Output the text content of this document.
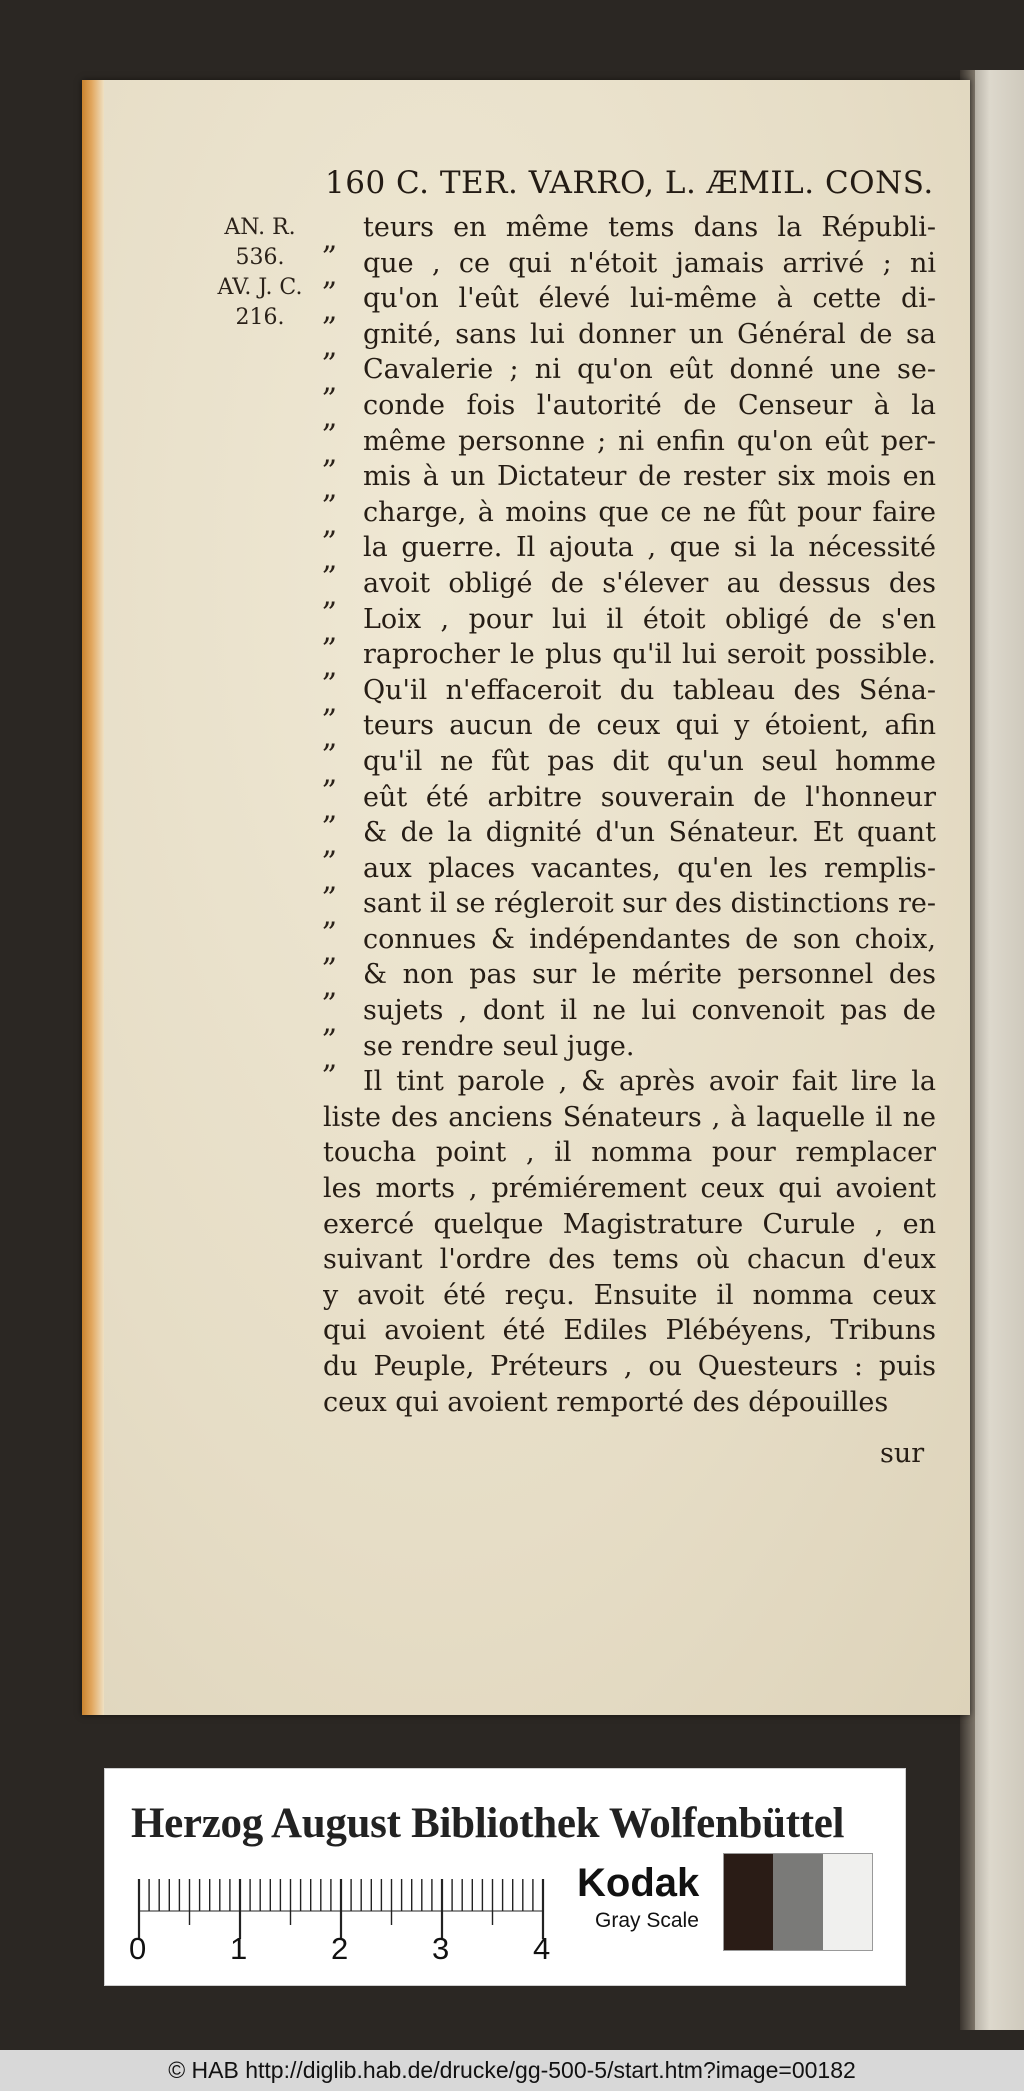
160 C. TER. VARRO, L. ÆMIL. CONS.
AN. R.
536.
AV. J. C.
216.
„
„
„
„
„
„
„
„
„
„
„
„
„
„
„
„
„
„
„
„
„
„
„
„
teurs en même tems dans la Républi-
que , ce qui n'étoit jamais arrivé ; ni
qu'on l'eût élevé lui-même à cette di-
gnité, sans lui donner un Général de sa
Cavalerie ; ni qu'on eût donné une se-
conde fois l'autorité de Censeur à la
même personne ; ni enfin qu'on eût per-
mis à un Dictateur de rester six mois en
charge, à moins que ce ne fût pour faire
la guerre. Il ajouta , que si la nécessité
avoit obligé de s'élever au dessus des
Loix , pour lui il étoit obligé de s'en
raprocher le plus qu'il lui seroit possible.
Qu'il n'effaceroit du tableau des Séna-
teurs aucun de ceux qui y étoient, afin
qu'il ne fût pas dit qu'un seul homme
eût été arbitre souverain de l'honneur
& de la dignité d'un Sénateur. Et quant
aux places vacantes, qu'en les remplis-
sant il se régleroit sur des distinctions re-
connues & indépendantes de son choix,
& non pas sur le mérite personnel des
sujets , dont il ne lui convenoit pas de
se rendre seul juge.
Il tint parole , & après avoir fait lire la
liste des anciens Sénateurs , à laquelle il ne
toucha point , il nomma pour remplacer
les morts , prémiérement ceux qui avoient
exercé quelque Magistrature Curule , en
suivant l'ordre des tems où chacun d'eux
y avoit été reçu. Ensuite il nomma ceux
qui avoient été Ediles Plébéyens, Tribuns
du Peuple, Préteurs , ou Questeurs : puis
ceux qui avoient remporté des dépouilles
sur
Herzog August Bibliothek Wolfenbüttel
0	1	2	3	4
Kodak
Gray Scale
© HAB http://diglib.hab.de/drucke/gg-500-5/start.htm?image=00182
